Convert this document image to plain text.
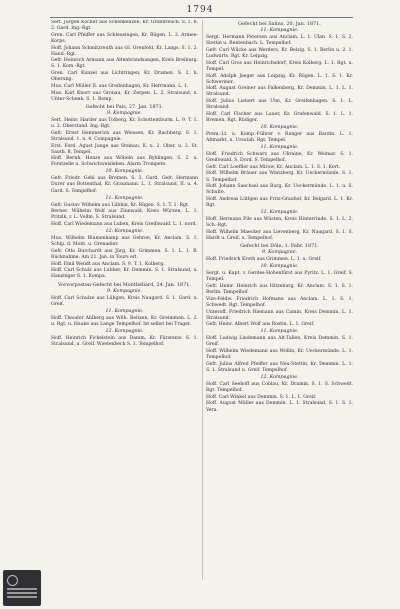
1794

Sert. Jürgen Kocher aus Schenkenzell, Kr. Großbreuch. S. 1. h. 2. Gard. Ing.-Rgt.

Gren. Carl Pfeiffer aus Schleusingen, Kr. Rügen. L. 2. Armee-Korps.

Hoff. Johann Schmitzreuth aus Gl. Grenfeld, Kr. Langs. S. 1. 2. Hand.-Rgt.

Gefr. Heinrich Armann aus Altenbrandsangen, Kreis Breiburg. S. 1. Kom.-Rgt.

Gren. Carl Kunzel aus Lichtringen, Kr. Dramen. S. 2. h. Oberung.

Mus. Carl Müller II. aus Greifenhagen, Kr. Herrmann. L. 1.

Mus. Karl Knorr aus Gronau, Kr. Zerpen. L. 2. Stralsund, n. Unter-Schenk. S. 1. Romp.

Gefecht bei Pais, 27. Jan. 1871.

9. Kompagnie.

Sert. Heinr. Harder aus Tolberg, Kr. Schottenthurm. L. 9. T. 1. u. 2. Oberstand. Ing.-Rgt.

Gefr. Ernst Hemmerich aus Weissen, Kr. Rachberg. S. 1. Stralsund, 1. u. 4. Compagnie.

Erst. Ford. Agust Junge aus Steinau, K. u. 2. Ober. u. 2. St. Sauth. 8. Tempel.

Hoff. Bernh. Henze aus Wöbeln aus Ryhlingen. S. 2. u. Forstzelle u. Schwichweisleben. Alarm Trompete.

10. Kompagnie.

Gefr. Friedr. Gehl aus Bremen. S. 3. Gard. Gefr. Hermann Durer aus Bottenthal, Kr. Graumann. L. 1. Stralsund, II. u. 4. Gard. S. Tempelhof.

11. Kompagnie.

Gefr. Gustav Wilhelm aus Lübbin, Kr. Rügen. S. 1. T. 1. Rgt.

Berner. Wilhelm Wolf aus Zinnwald, Kreis Würzen. L. 1. Pritzlk, r. L. Vollm. S. Stralsund.

Hoff. Carl Wiedemann aus Luben, Kreis Greifswald. L. 1. nord.

12. Kompagnie.

Mus. Wilhelm Blumenkamp aus Gehren, Kr. Anclam. S. 1. Schlp. d. Mont. u. Grenadier.

Gefr. Otto Burchardt aus Jürg, Kr. Grimmen. S. 1. L. 1. R. Rücknahme. Am 21. Jan. in Tours erl.

Hoff. Emil Wendt aus Anclam. S. 9. T. 1. Kolberg.

Hoff. Carl Schulz aus Lubber, Kr. Demmin. S. 1. Stralsund, u. Hanzinger S. 1. Kompa.

Vorvorposten-Gefecht bei Montbéliard, 24. Jan. 1871.

9. Kompagnie.

Hoff. Carl Schulze aus Lübgen, Kreis Naugard. S. 1. Gard. u. Greif.

11. Kompagnie.

Hoff. Theodor Ahlberg aus Wilh. Beitzen, Kr. Greimmen. L. 2. u. Rgt. u. Hauke aus Lange Tempelhof. Ist selbst bei Traget.

12. Kompagnie.

Hoff. Heinrich Fickelstein aus Damm, Kr. Fürstenw. S. 1. Stralsund, u. Greif. Wiedenbeck S. 1. Tempelhof.

Gefecht bei Salins, 20. Jan. 1871.

11. Kompagnie.

Sergt. Hermann Petersen aus Anclam. L. 1. Ulan. S. 1. S. 2. Stettin u. Rentenbach. L. Tempelhof.

Gefr. Carl Wilcke aus Werders, Kr. Belzig. S. 1. Berlin u. 2. 1. Ludwarts. Rgt. Kr. Leipzig.

Hoff. Carl Gros aus Heinrichsdorf, Kreis Kolberg. L. 1. Rgt. u. Tempel.

Hoff. Adolph Jaeger aus Leipzig, Kr. Rügen. L. 1. S. 1. Kr. Schweriner.

Hoff. August Greiner aus Falkenberg, Kr. Demmin. L. 1. L. 1. Stralsund.

Hoff. Julius Liebert aus Ulm, Kr. Greifenhagen. S. 1. L. Stralsund.

Hoff. Carl Fischer aus Lauer, Kr. Grafenwald. S. 1. L. 1. Bremen. Rgt. Rüdiger.

10. Kompagnie.

Prem.-Lt. u. Komp.-Führer v. Ranger aus Bardin. L. 1. Altmarkt, u. Ursulah. Rgt. Tempel.

11. Kompagnie.

Hoff. Friedrich Schwarz aus Ukraine, Kr. Weimar. S. 1. Greifswald. S. Dord. S. Tempelhof.

Gefr. Carl Loeffler aus Mirow, Kr. Anclam. L. 1. S. 1. Kort.

Hoff. Wilhelm Bräuer aus Wintzberg, Kr. Ueckermünde. S. 1. S. Tempelhof.

Hoff. Johann Saechsel aus Burg, Kr. Ueckermünde. L. 1. u. S. Schulte.

Hoff. Andreas Lüthjen aus Fritz-Grauhof, Kr. Belgard. L. 1. Kr. Rgt.

12. Kompagnie.

Hoff. Hermann Pile aus Wüsten, Kreis Hinterrinde. S. 1. L. 2. Sch.-Rgt.

Hoff. Wilhelm Maecker aus Lievenberg, Kr. Naugard. S. 1. S. Hardt u. Greif, u. Tempelhof.

Gefecht bei Dôle, 1. Febr. 1871.

9. Kompagnie.

Hoff. Friedrich Kroth aus Grimmen. L. 1. u. Greif.

10. Kompagnie.

Sergt. u. Kapt. v. Gerdes-Hohenfürst aus Pyritz. L. 1. Greif. S. Tempel.

Gefr. Heinr. Heinrich aus Hitzeburg, Kr. Anclam. S. 1. S. 1. Berlin. Tempelhof.

Vize-Feldw. Friedrich Hofmann aus Anclam. L. 1. S. 1. Schwedt. Rgt. Tempelhof.

Unteroff. Friedrich Riemann aus Camin, Kreis Demmin. L. 1. Stralsund.

Gefr. Heinr. Albert Wolf aus Rostin. L. 1. Greif.

11. Kompagnie.

Hoff. Ludwig Lindemann aus Alt-Tallen, Kreis Demmin. S. 1. Greif.

Hoff. Wilhelm Wiedemann aus Wollin, Kr. Ueckermünde. L. 1. Tempelhof.

Gefr. Julius Alfred Pfeiffer aus Neu-Stettin, Kr. Demmin. L. 1. S. 1. Stralsund u. Greif. Tempelhof.

12. Kompagnie.

Hoff. Carl Seehoff aus Coblau, Kr. Dramin. S. 1. S. Schwedt. Rgt. Tempelhof.

Hoff. Carl Winkel aus Demmin. S. 1. L. 1. Greif.

Hoff. August Müller aus Demmin. L. 1. Stralsund, S. 1. S. 1. Vera.
